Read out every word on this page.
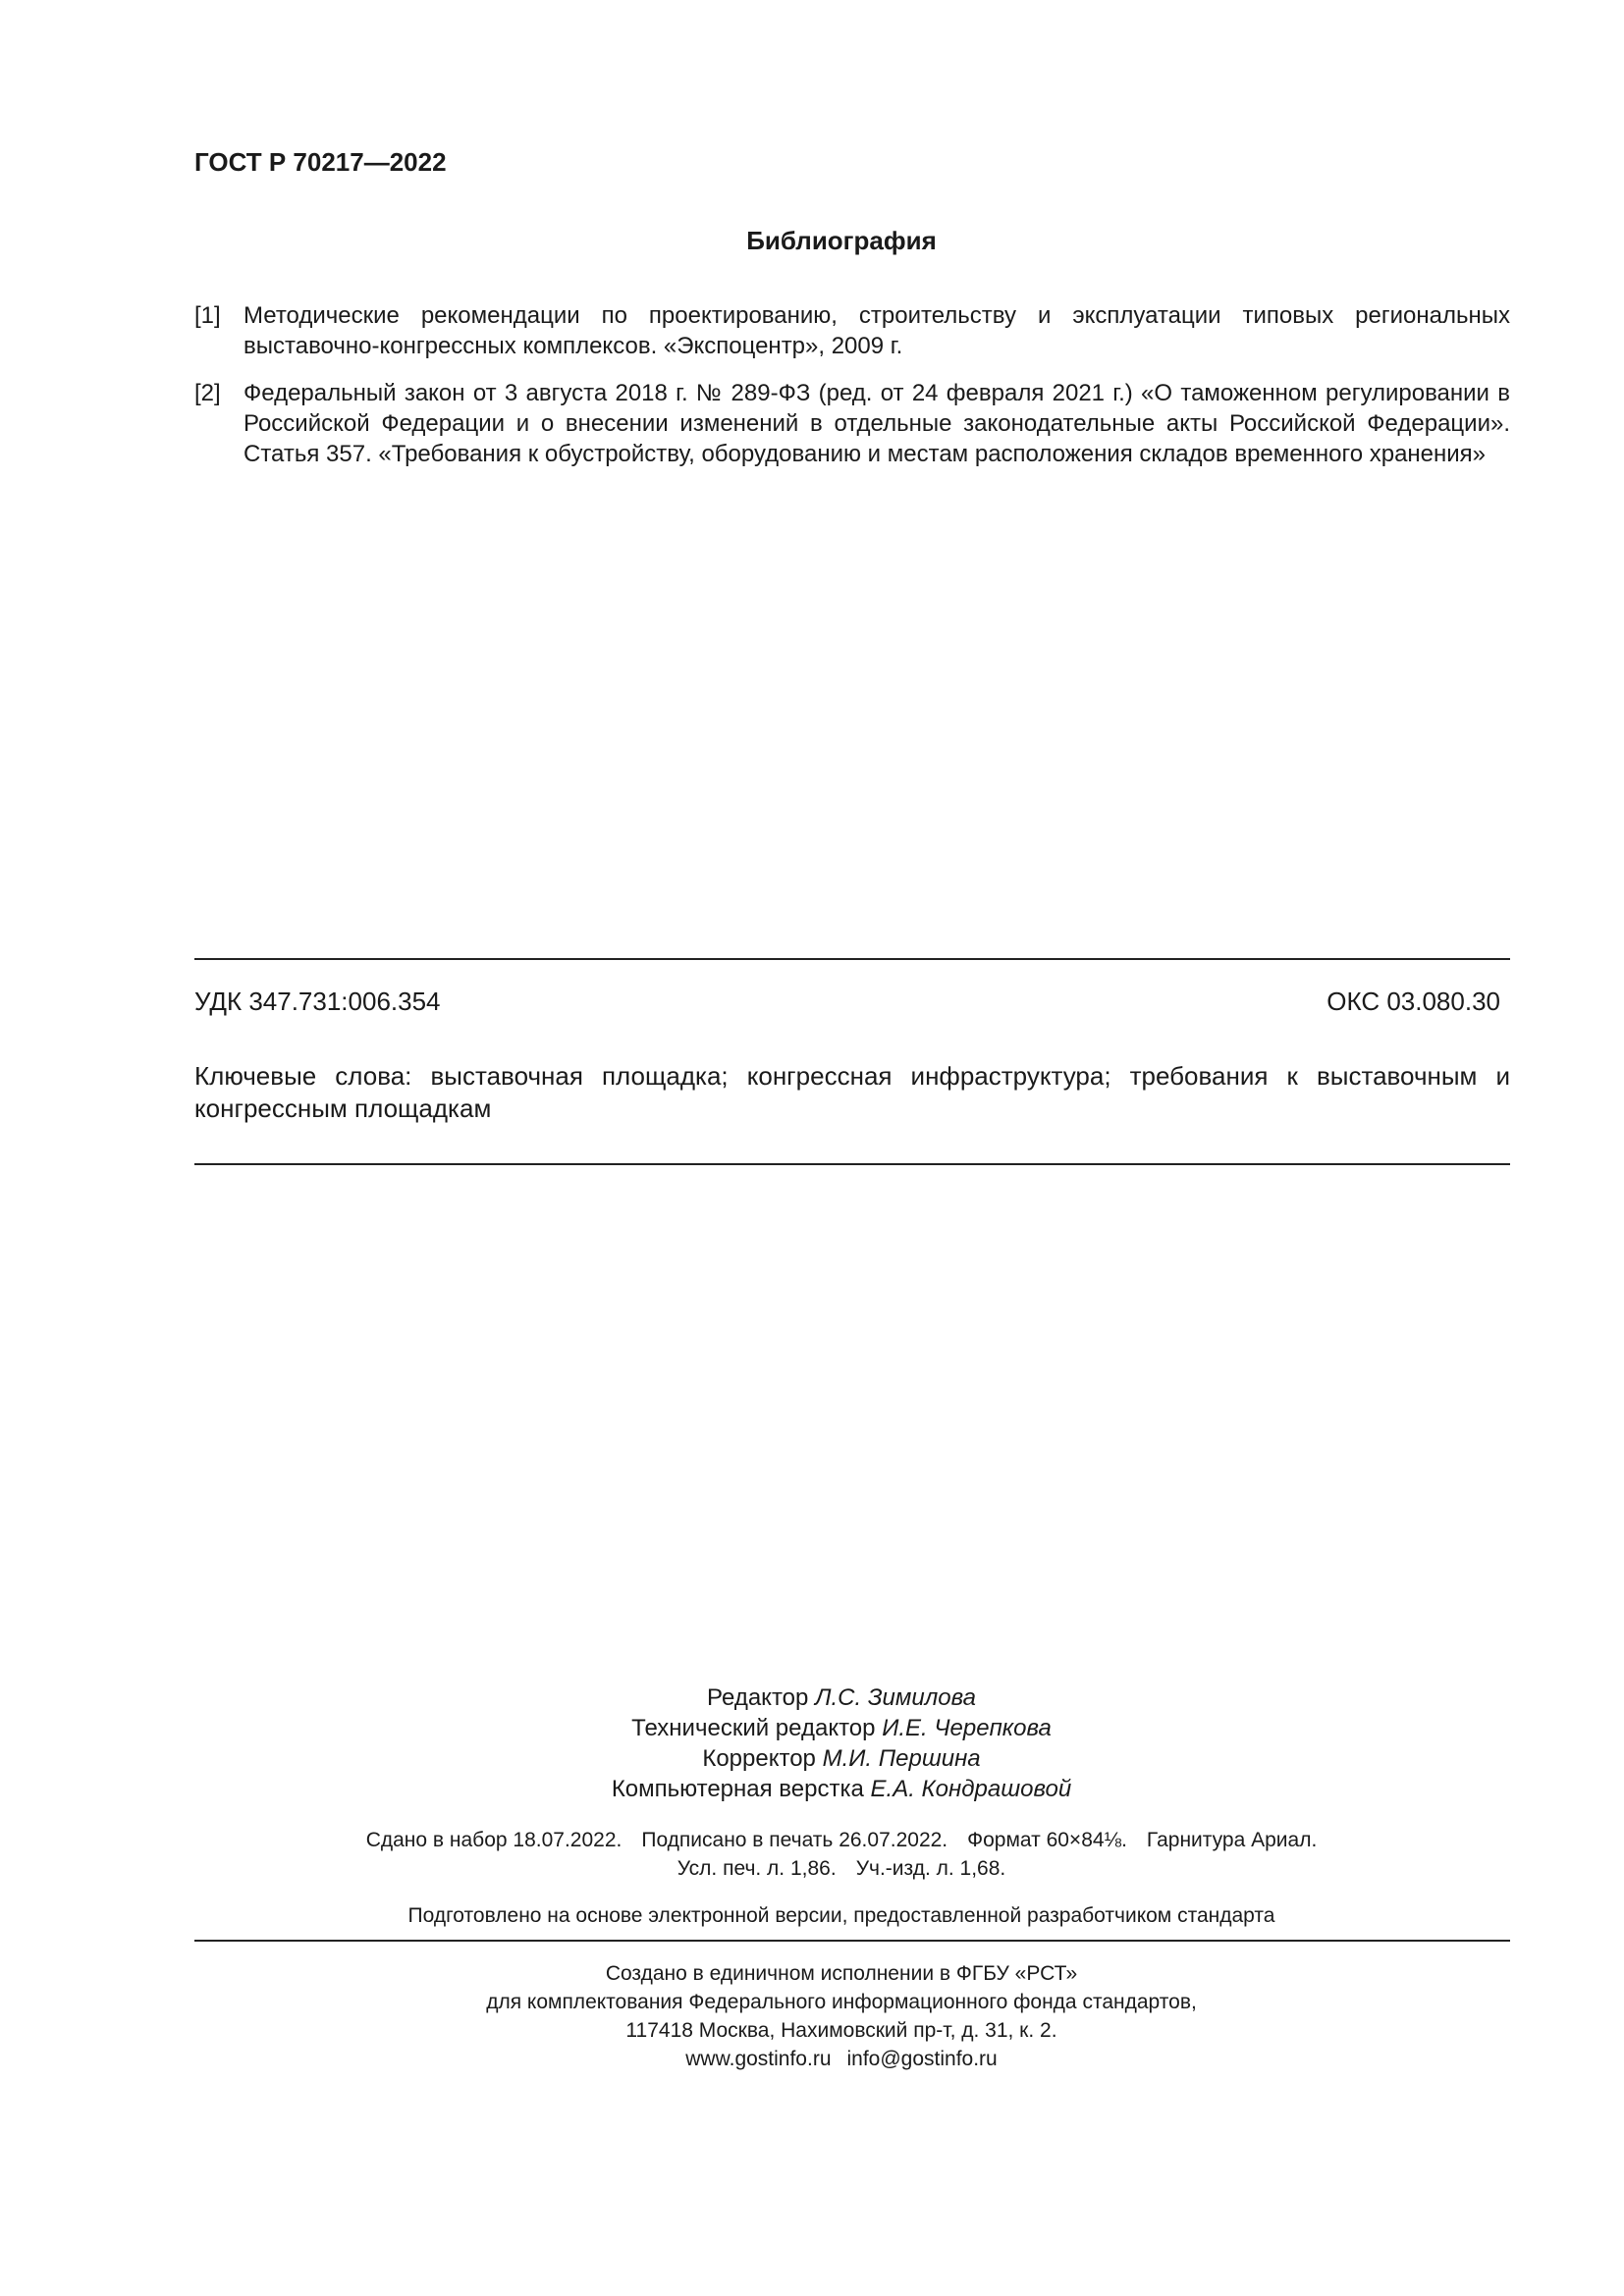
ГОСТ Р 70217—2022
Библиография
[1] Методические рекомендации по проектированию, строительству и эксплуатации типовых региональных выставочно-конгрессных комплексов. «Экспоцентр», 2009 г.
[2] Федеральный закон от 3 августа 2018 г. № 289-ФЗ (ред. от 24 февраля 2021 г.) «О таможенном регулировании в Российской Федерации и о внесении изменений в отдельные законодательные акты Российской Федерации». Статья 357. «Требования к обустройству, оборудованию и местам расположения складов временного хранения»
УДК 347.731:006.354	ОКС 03.080.30
Ключевые слова: выставочная площадка; конгрессная инфраструктура; требования к выставочным и конгрессным площадкам
Редактор Л.С. Зимилова
Технический редактор И.Е. Черепкова
Корректор М.И. Першина
Компьютерная верстка Е.А. Кондрашовой
Сдано в набор 18.07.2022. Подписано в печать 26.07.2022. Формат 60×84⅛. Гарнитура Ариал.
Усл. печ. л. 1,86. Уч.-изд. л. 1,68.
Подготовлено на основе электронной версии, предоставленной разработчиком стандарта
Создано в единичном исполнении в ФГБУ «РСТ»
для комплектования Федерального информационного фонда стандартов,
117418 Москва, Нахимовский пр-т, д. 31, к. 2.
www.gostinfo.ru info@gostinfo.ru
